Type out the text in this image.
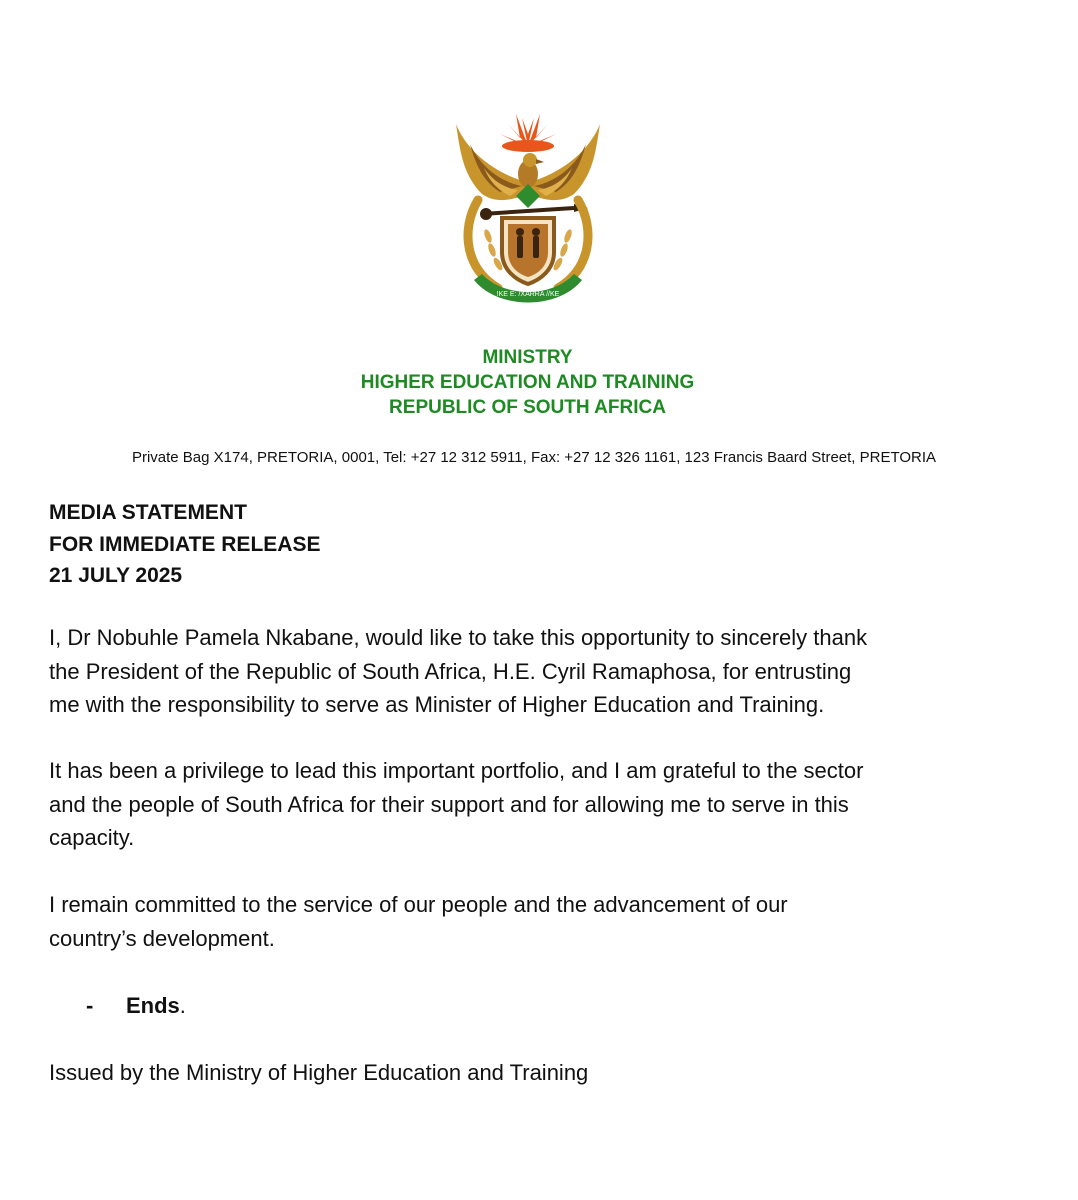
!KE E: /XARRA //KE
MINISTRY
HIGHER EDUCATION AND TRAINING
REPUBLIC OF SOUTH AFRICA
Private Bag X174, PRETORIA, 0001, Tel: +27 12 312 5911, Fax: +27 12 326 1161, 123 Francis Baard Street, PRETORIA
MEDIA STATEMENT
FOR IMMEDIATE RELEASE
21 JULY 2025
I, Dr Nobuhle Pamela Nkabane, would like to take this opportunity to sincerely thank
the President of the Republic of South Africa, H.E. Cyril Ramaphosa, for entrusting
me with the responsibility to serve as Minister of Higher Education and Training.
It has been a privilege to lead this important portfolio, and I am grateful to the sector
and the people of South Africa for their support and for allowing me to serve in this
capacity.
I remain committed to the service of our people and the advancement of our
country’s development.
- Ends.
Issued by the Ministry of Higher Education and Training
